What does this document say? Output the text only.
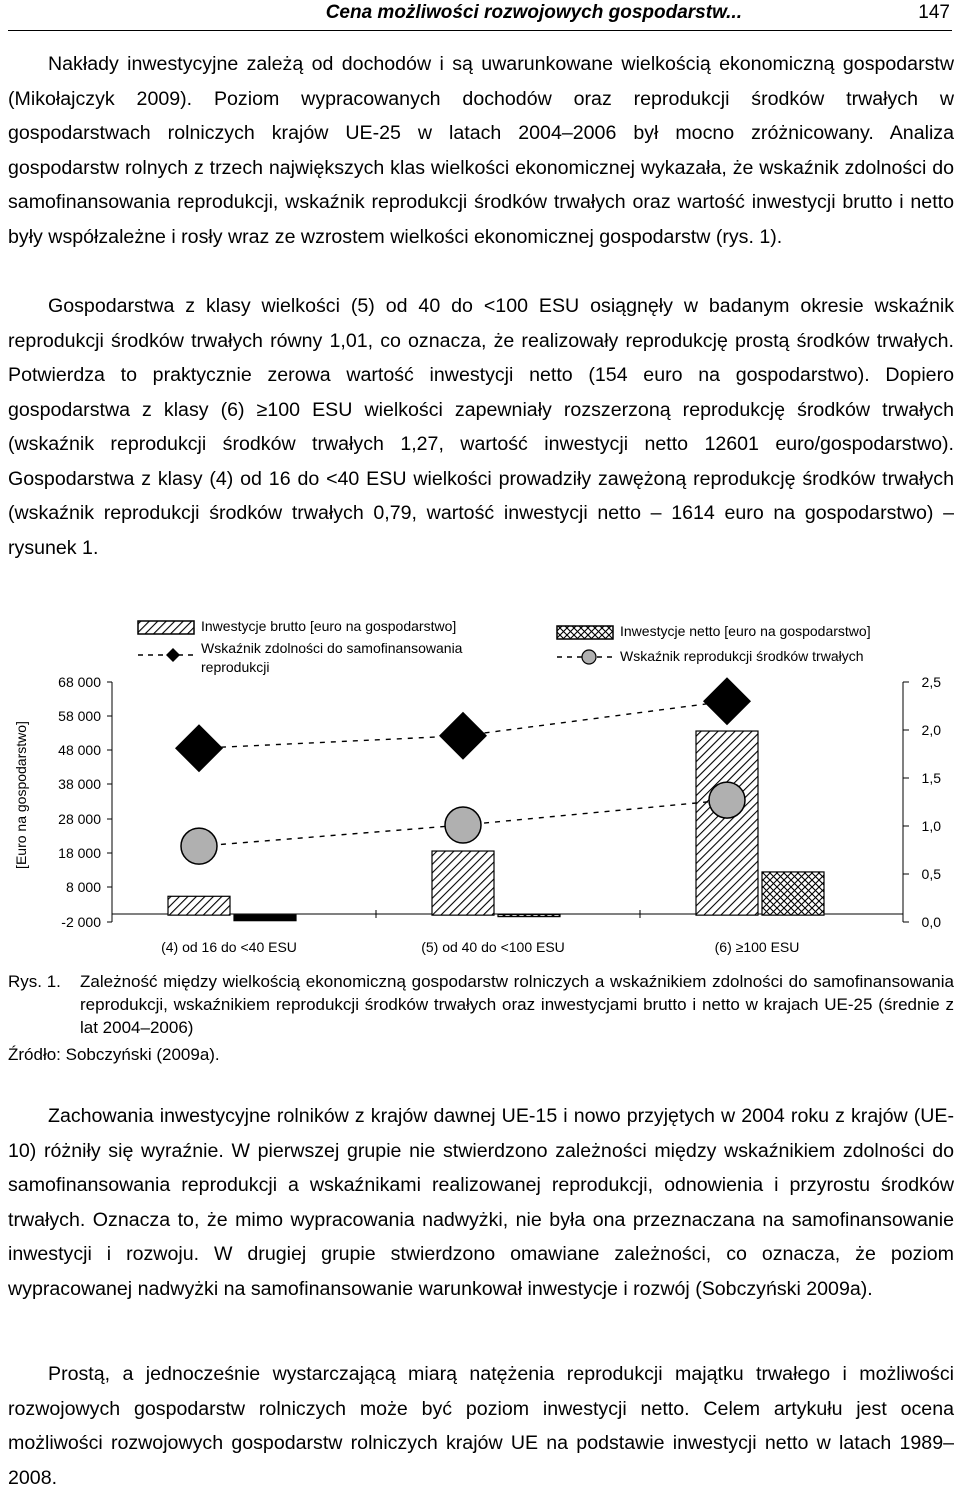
Cena możliwości rozwojowych gospodarstw...	147

Nakłady inwestycyjne zależą od dochodów i są uwarunkowane wielkością ekonomiczną gospodarstw (Mikołajczyk 2009). Poziom wypracowanych dochodów oraz reprodukcji środków trwałych w gospodarstwach rolniczych krajów UE-25 w latach 2004–2006 był mocno zróżnicowany. Analiza gospodarstw rolnych z trzech największych klas wielkości ekonomicznej wykazała, że wskaźnik zdolności do samofinansowania reprodukcji, wskaźnik reprodukcji środków trwałych oraz wartość inwestycji brutto i netto były współzależne i rosły wraz ze wzrostem wielkości ekonomicznej gospodarstw (rys. 1).

Gospodarstwa z klasy wielkości (5) od 40 do <100 ESU osiągnęły w badanym okresie wskaźnik reprodukcji środków trwałych równy 1,01, co oznacza, że realizowały reprodukcję prostą środków trwałych. Potwierdza to praktycznie zerowa wartość inwestycji netto (154 euro na gospodarstwo). Dopiero gospodarstwa z klasy (6) ≥100 ESU wielkości zapewniały rozszerzoną reprodukcję środków trwałych (wskaźnik reprodukcji środków trwałych 1,27, wartość inwestycji netto 12601 euro/gospodarstwo). Gospodarstwa z klasy (4) od 16 do <40 ESU wielkości prowadziły zawężoną reprodukcję środków trwałych (wskaźnik reprodukcji środków trwałych 0,79, wartość inwestycji netto – 1614 euro na gospodarstwo) – rysunek 1.

[Euro na gospodarstwo]
68 000
58 000
48 000
38 000
28 000
18 000
8 000
-2 000
2,5
2,0
1,5
1,0
0,5
0,0
(4) od 16 do <40 ESU	(5) od 40 do <100 ESU	(6) ≥100 ESU
Inwestycje brutto [euro na gospodarstwo]
Wskaźnik zdolności do samofinansowania reprodukcji
Inwestycje netto [euro na gospodarstwo]
Wskaźnik reprodukcji środków trwałych
Rys. 1. Zależność między wielkością ekonomiczną gospodarstw rolniczych a wskaźnikiem zdolności do samofinansowania reprodukcji, wskaźnikiem reprodukcji środków trwałych oraz inwestycjami brutto i netto w krajach UE-25 (średnie z lat 2004–2006)
Źródło: Sobczyński (2009a).

Zachowania inwestycyjne rolników z krajów dawnej UE-15 i nowo przyjętych w 2004 roku z krajów (UE-10) różniły się wyraźnie. W pierwszej grupie nie stwierdzono zależności między wskaźnikiem zdolności do samofinansowania reprodukcji a wskaźnikami realizowanej reprodukcji, odnowienia i przyrostu środków trwałych. Oznacza to, że mimo wypracowania nadwyżki, nie była ona przeznaczana na samofinansowanie inwestycji i rozwoju. W drugiej grupie stwierdzono omawiane zależności, co oznacza, że poziom wypracowanej nadwyżki na samofinansowanie warunkował inwestycje i rozwój (Sobczyński 2009a).

Prostą, a jednocześnie wystarczającą miarą natężenia reprodukcji majątku trwałego i możliwości rozwojowych gospodarstw rolniczych może być poziom inwestycji netto. Celem artykułu jest ocena możliwości rozwojowych gospodarstw rolniczych krajów UE na podstawie inwestycji netto w latach 1989–2008.
